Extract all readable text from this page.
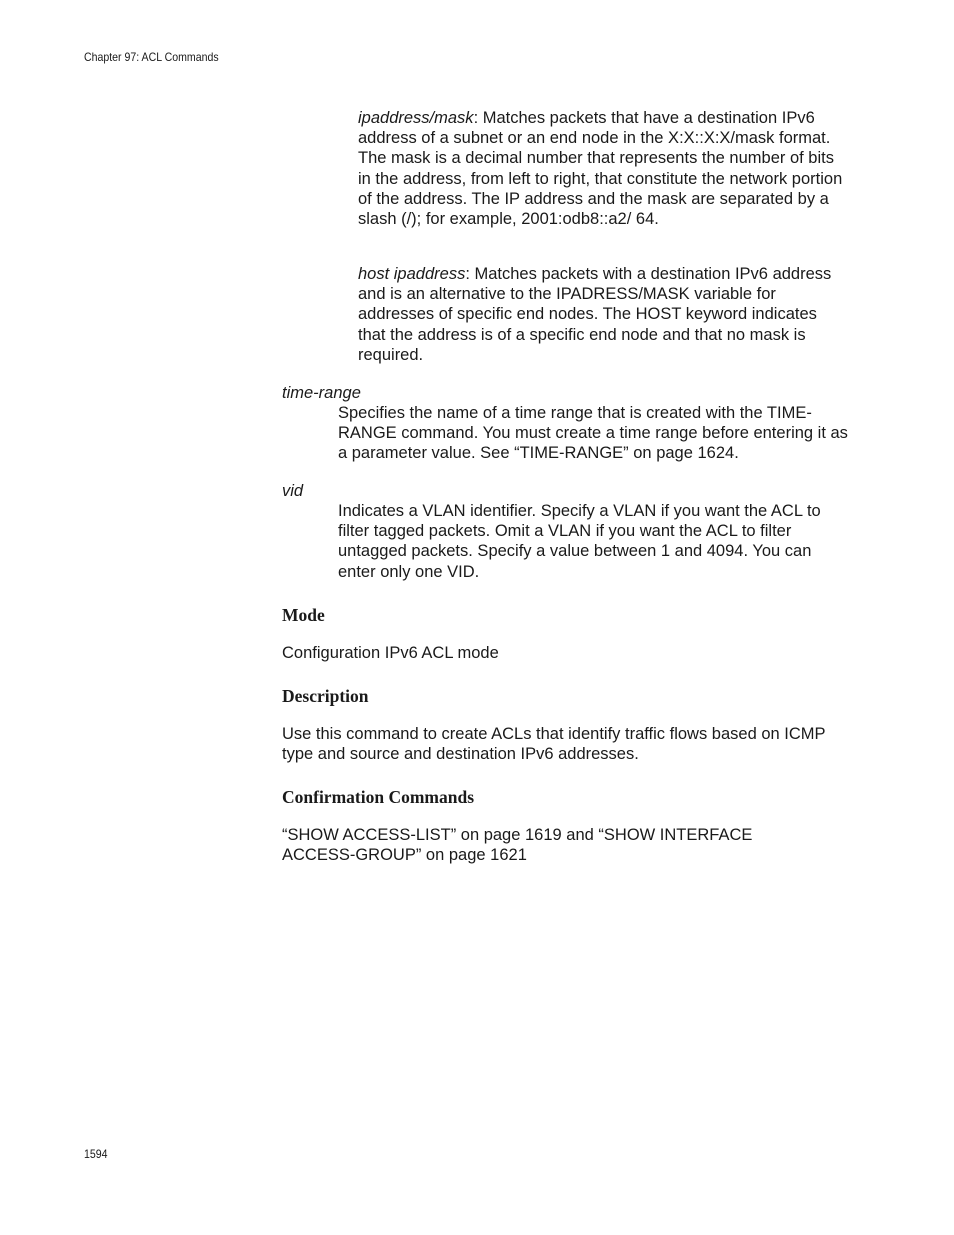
Chapter 97: ACL Commands

ipaddress/mask: Matches packets that have a destination IPv6 address of a subnet or an end node in the X:X::X:X/mask format. The mask is a decimal number that represents the number of bits in the address, from left to right, that constitute the network portion of the address. The IP address and the mask are separated by a slash (/); for example, 2001:odb8::a2/ 64.

host ipaddress: Matches packets with a destination IPv6 address and is an alternative to the IPADRESS/MASK variable for addresses of specific end nodes. The HOST keyword indicates that the address is of a specific end node and that no mask is required.

time-range

Specifies the name of a time range that is created with the TIME-RANGE command. You must create a time range before entering it as a parameter value. See “TIME-RANGE” on page 1624.

vid

Indicates a VLAN identifier. Specify a VLAN if you want the ACL to filter tagged packets. Omit a VLAN if you want the ACL to filter untagged packets. Specify a value between 1 and 4094. You can enter only one VID.

Mode

Configuration IPv6 ACL mode

Description

Use this command to create ACLs that identify traffic flows based on ICMP type and source and destination IPv6 addresses.

Confirmation Commands

“SHOW ACCESS-LIST” on page 1619 and “SHOW INTERFACE ACCESS-GROUP” on page 1621

1594
